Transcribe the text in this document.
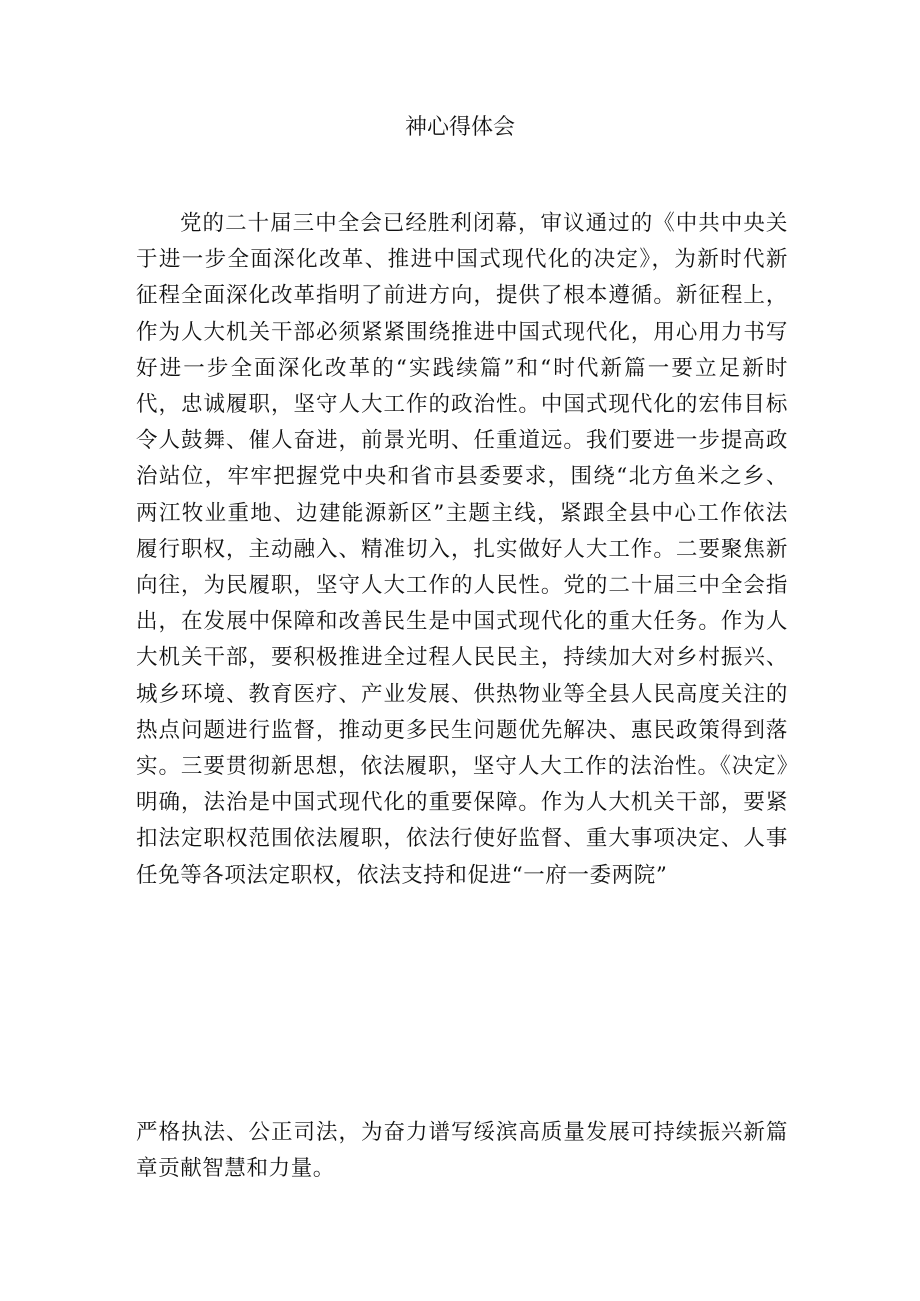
神心得体会

党的二十届三中全会已经胜利闭幕，审议通过的《中共中央关于进一步全面深化改革、推进中国式现代化的决定》，为新时代新征程全面深化改革指明了前进方向，提供了根本遵循。新征程上，作为人大机关干部必须紧紧围绕推进中国式现代化，用心用力书写好进一步全面深化改革的“实践续篇”和“时代新篇一要立足新时代，忠诚履职，坚守人大工作的政治性。中国式现代化的宏伟目标令人鼓舞、催人奋进，前景光明、任重道远。我们要进一步提高政治站位，牢牢把握党中央和省市县委要求，围绕“北方鱼米之乡、两江牧业重地、边建能源新区”主题主线，紧跟全县中心工作依法履行职权，主动融入、精准切入，扎实做好人大工作。二要聚焦新向往，为民履职，坚守人大工作的人民性。党的二十届三中全会指出，在发展中保障和改善民生是中国式现代化的重大任务。作为人大机关干部，要积极推进全过程人民民主，持续加大对乡村振兴、城乡环境、教育医疗、产业发展、供热物业等全县人民高度关注的热点问题进行监督，推动更多民生问题优先解决、惠民政策得到落实。三要贯彻新思想，依法履职，坚守人大工作的法治性。《决定》明确，法治是中国式现代化的重要保障。作为人大机关干部，要紧扣法定职权范围依法履职，依法行使好监督、重大事项决定、人事任免等各项法定职权，依法支持和促进“一府一委两院”

严格执法、公正司法，为奋力谱写绥滨高质量发展可持续振兴新篇章贡献智慧和力量。
